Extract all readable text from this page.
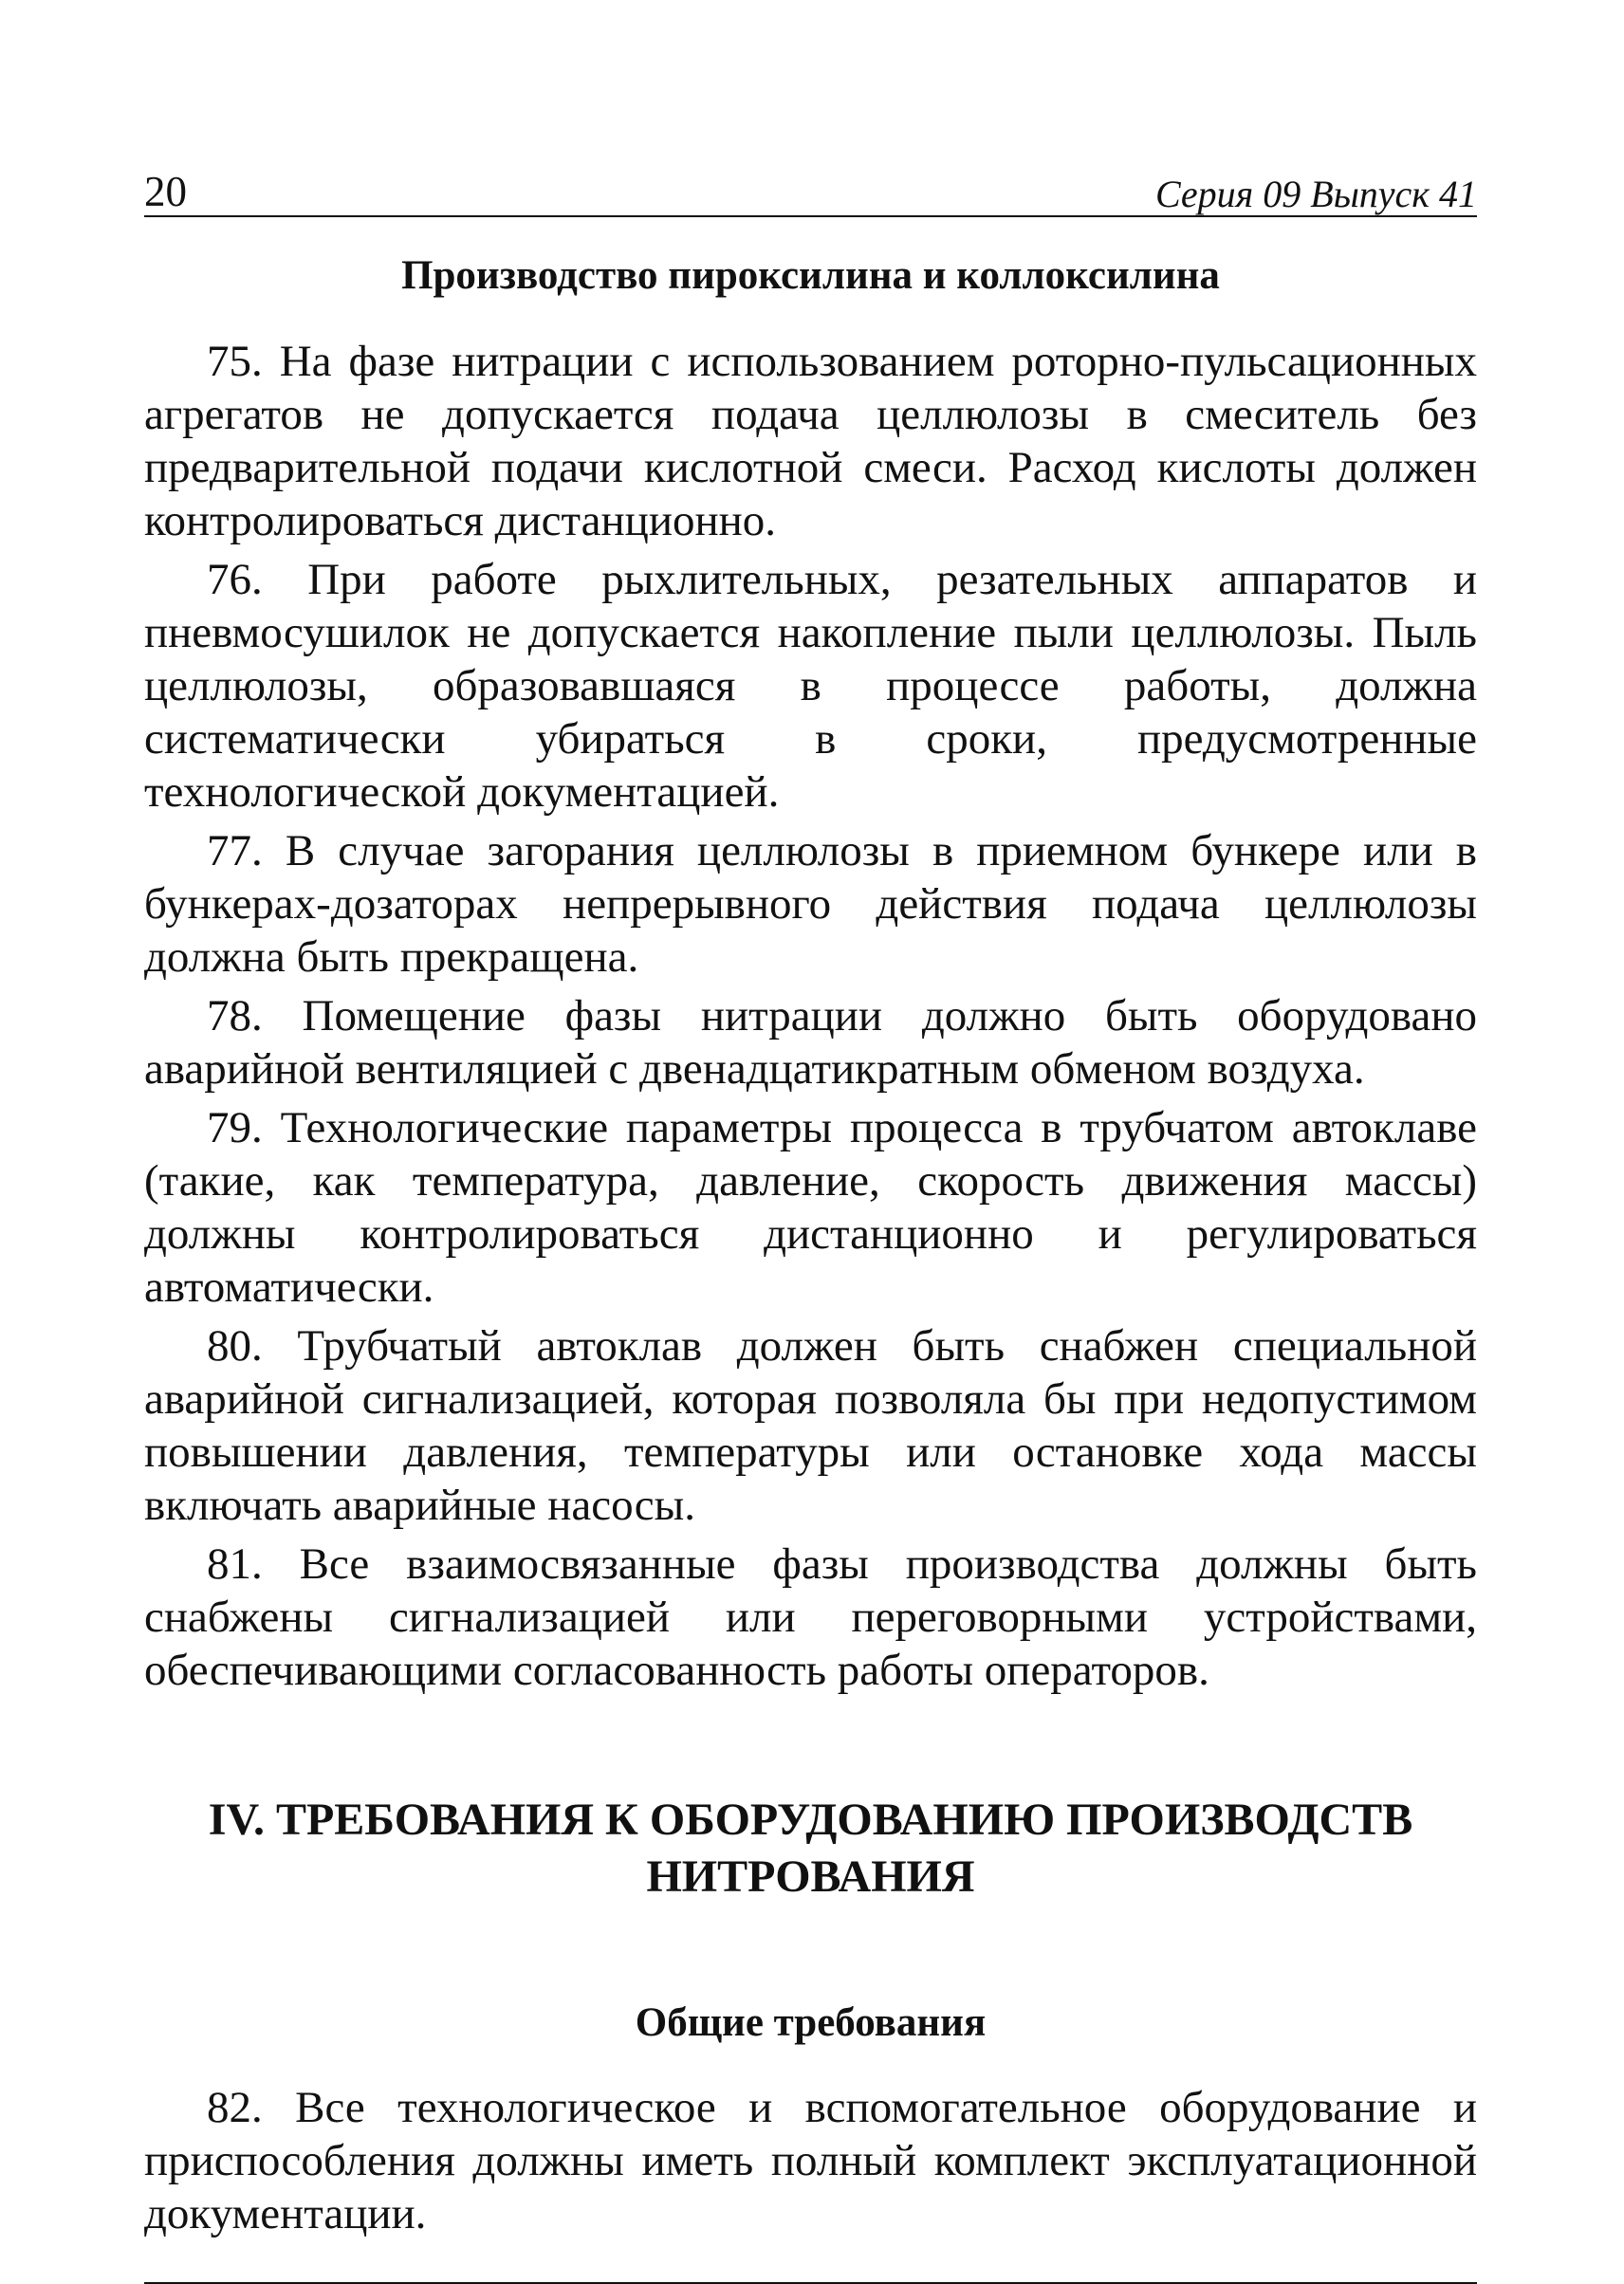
20	Серия 09 Выпуск 41
Производство пироксилина и коллоксилина

75. На фазе нитрации с использованием роторно-пульсационных агрегатов не допускается подача целлюлозы в смеситель без предварительной подачи кислотной смеси. Расход кислоты должен контролироваться дистанционно.

76. При работе рыхлительных, резательных аппаратов и пневмосушилок не допускается накопление пыли целлюлозы. Пыль целлюлозы, образовавшаяся в процессе работы, должна систематически убираться в сроки, предусмотренные технологической документацией.

77. В случае загорания целлюлозы в приемном бункере или в бункерах-дозаторах непрерывного действия подача целлюлозы должна быть прекращена.

78. Помещение фазы нитрации должно быть оборудовано аварийной вентиляцией с двенадцатикратным обменом воздуха.

79. Технологические параметры процесса в трубчатом автоклаве (такие, как температура, давление, скорость движения массы) должны контролироваться дистанционно и регулироваться автоматически.

80. Трубчатый автоклав должен быть снабжен специальной аварийной сигнализацией, которая позволяла бы при недопустимом повышении давления, температуры или остановке хода массы включать аварийные насосы.

81. Все взаимосвязанные фазы производства должны быть снабжены сигнализацией или переговорными устройствами, обеспечивающими согласованность работы операторов.

IV. ТРЕБОВАНИЯ К ОБОРУДОВАНИЮ ПРОИЗВОДСТВ
НИТРОВАНИЯ
Общие требования

82. Все технологическое и вспомогательное оборудование и приспособления должны иметь полный комплект эксплуатационной документации.
